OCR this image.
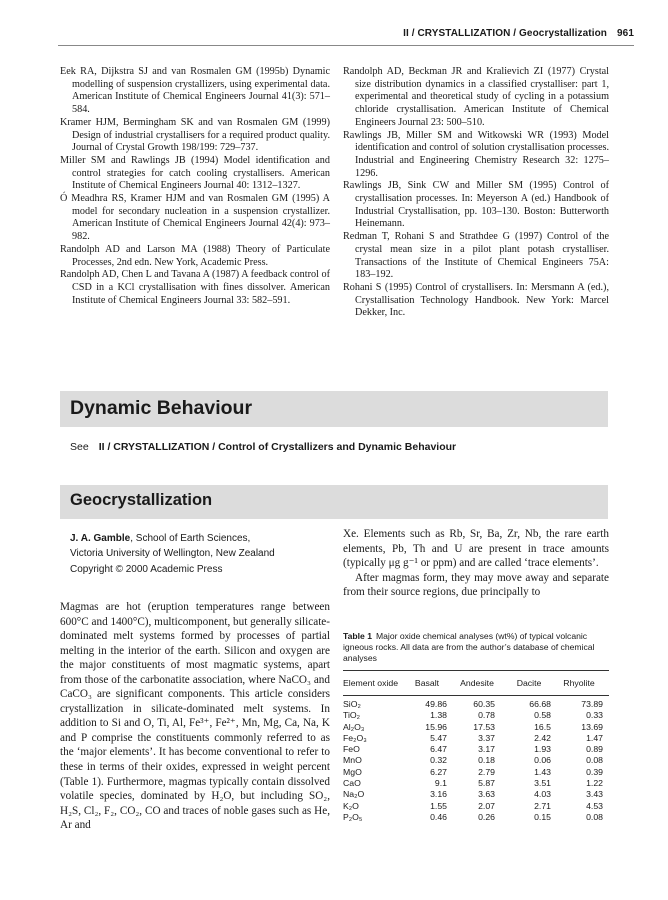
II / CRYSTALLIZATION / Geocrystallization 961
Eek RA, Dijkstra SJ and van Rosmalen GM (1995b) Dynamic modelling of suspension crystallizers, using experimental data. American Institute of Chemical Engineers Journal 41(3): 571–584.
Kramer HJM, Bermingham SK and van Rosmalen GM (1999) Design of industrial crystallisers for a required product quality. Journal of Crystal Growth 198/199: 729–737.
Miller SM and Rawlings JB (1994) Model identification and control strategies for catch cooling crystallisers. American Institute of Chemical Engineers Journal 40: 1312–1327.
Ó Meadhra RS, Kramer HJM and van Rosmalen GM (1995) A model for secondary nucleation in a suspension crystallizer. American Institute of Chemical Engineers Journal 42(4): 973–982.
Randolph AD and Larson MA (1988) Theory of Particulate Processes, 2nd edn. New York, Academic Press.
Randolph AD, Chen L and Tavana A (1987) A feedback control of CSD in a KCl crystallisation with fines dissolver. American Institute of Chemical Engineers Journal 33: 582–591.
Randolph AD, Beckman JR and Kralievich ZI (1977) Crystal size distribution dynamics in a classified crystalliser: part 1, experimental and theoretical study of cycling in a potassium chloride crystallisation. American Institute of Chemical Engineers Journal 23: 500–510.
Rawlings JB, Miller SM and Witkowski WR (1993) Model identification and control of solution crystallisation processes. Industrial and Engineering Chemistry Research 32: 1275–1296.
Rawlings JB, Sink CW and Miller SM (1995) Control of crystallisation processes. In: Meyerson A (ed.) Handbook of Industrial Crystallisation, pp. 103–130. Boston: Butterworth Heinemann.
Redman T, Rohani S and Strathdee G (1997) Control of the crystal mean size in a pilot plant potash crystalliser. Transactions of the Institute of Chemical Engineers 75A: 183–192.
Rohani S (1995) Control of crystallisers. In: Mersmann A (ed.), Crystallisation Technology Handbook. New York: Marcel Dekker, Inc.
Dynamic Behaviour
See II / CRYSTALLIZATION / Control of Crystallizers and Dynamic Behaviour
Geocrystallization
J. A. Gamble, School of Earth Sciences,
Victoria University of Wellington, New Zealand
Copyright © 2000 Academic Press

Magmas are hot (eruption temperatures range between 600°C and 1400°C), multicomponent, but generally silicate-dominated melt systems formed by processes of partial melting in the interior of the earth. Silicon and oxygen are the major constituents of most magmatic systems, apart from those of the carbonatite association, where NaCO₃ and CaCO₃ are significant components. This article considers crystallization in silicate-dominated melt systems. In addition to Si and O, Ti, Al, Fe³⁺, Fe²⁺, Mn, Mg, Ca, Na, K and P comprise the constituents commonly referred to as the ‘major elements’. It has become conventional to refer to these in terms of their oxides, expressed in weight percent (Table 1). Furthermore, magmas typically contain dissolved volatile species, dominated by H₂O, but including SO₂, H₂S, Cl₂, F₂, CO₂, CO and traces of noble gases such as He, Ar and

Xe. Elements such as Rb, Sr, Ba, Zr, Nb, the rare earth elements, Pb, Th and U are present in trace amounts (typically μg g⁻¹ or ppm) and are called ‘trace elements’.

After magmas form, they may move away and separate from their source regions, due principally to

Table 1 Major oxide chemical analyses (wt%) of typical volcanic igneous rocks. All data are from the author’s database of chemical analyses
Element oxide	Basalt	Andesite	Dacite	Rhyolite
SiO₂	49.86	60.35	66.68	73.89
TiO₂	1.38	0.78	0.58	0.33
Al₂O₃	15.96	17.53	16.5	13.69
Fe₂O₃	5.47	3.37	2.42	1.47
FeO	6.47	3.17	1.93	0.89
MnO	0.32	0.18	0.06	0.08
MgO	6.27	2.79	1.43	0.39
CaO	9.1	5.87	3.51	1.22
Na₂O	3.16	3.63	4.03	3.43
K₂O	1.55	2.07	2.71	4.53
P₂O₅	0.46	0.26	0.15	0.08
